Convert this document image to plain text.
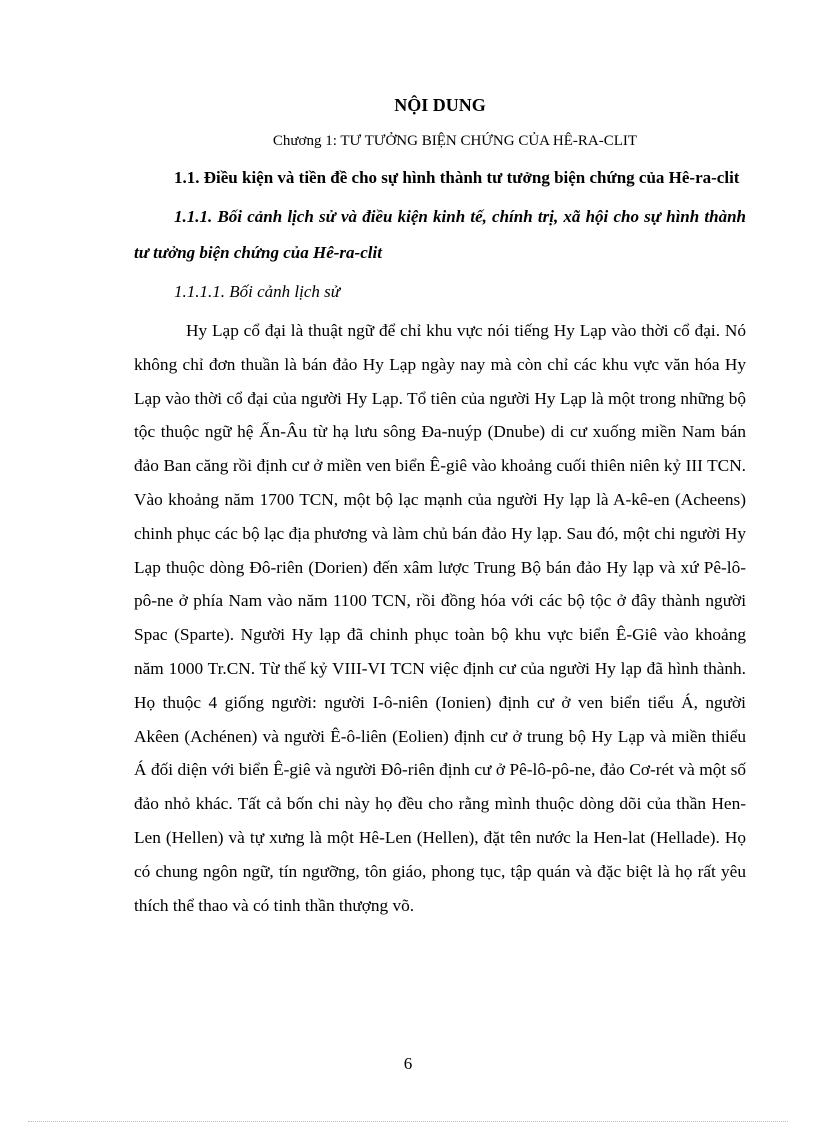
NỘI DUNG

Chương 1: TƯ TƯỞNG BIỆN CHỨNG CỦA HÊ-RA-CLIT

1.1. Điều kiện và tiền đề cho sự hình thành tư tưởng biện chứng của Hê-ra-clit

1.1.1. Bối cảnh lịch sử và điều kiện kinh tế, chính trị, xã hội cho sự hình thành tư tưởng biện chứng của Hê-ra-clit

1.1.1.1. Bối cảnh lịch sử

Hy Lạp cổ đại là thuật ngữ để chỉ khu vực nói tiếng Hy Lạp vào thời cổ đại. Nó không chỉ đơn thuần là bán đảo Hy Lạp ngày nay mà còn chỉ các khu vực văn hóa Hy Lạp vào thời cổ đại của người Hy Lạp. Tổ tiên của người Hy Lạp là một trong những bộ tộc thuộc ngữ hệ Ấn-Âu từ hạ lưu sông Đa-nuýp (Dnube) di cư xuống miền Nam bán đảo Ban căng rồi định cư ở miền ven biển Ê-giê vào khoảng cuối thiên niên kỷ III TCN. Vào khoảng năm 1700 TCN, một bộ lạc mạnh của người Hy lạp là A-kê-en (Acheens) chinh phục các bộ lạc địa phương và làm chủ bán đảo Hy lạp. Sau đó, một chi người Hy Lạp thuộc dòng Đô-riên (Dorien) đến xâm lược Trung Bộ bán đảo Hy lạp và xứ Pê-lô-pô-ne ở phía Nam vào năm 1100 TCN, rồi đồng hóa với các bộ tộc ở đây thành người Spac (Sparte). Người Hy lạp đã chinh phục toàn bộ khu vực biển Ê-Giê vào khoảng năm 1000 Tr.CN. Từ thế kỷ VIII-VI TCN việc định cư của người Hy lạp đã hình thành. Họ thuộc 4 giống người: người I-ô-niên (Ionien) định cư ở ven biển tiểu Á, người Akêen (Achénen) và người Ê-ô-liên (Eolien) định cư ở trung bộ Hy Lạp và miền thiểu Á đối diện với biển Ê-giê và người Đô-riên định cư ở Pê-lô-pô-ne, đảo Cơ-rét và một số đảo nhỏ khác. Tất cả bốn chi này họ đều cho rằng mình thuộc dòng dõi của thần Hen-Len (Hellen) và tự xưng là một Hê-Len (Hellen), đặt tên nước la Hen-lat (Hellade). Họ có chung ngôn ngữ, tín ngưỡng, tôn giáo, phong tục, tập quán và đặc biệt là họ rất yêu thích thể thao và có tinh thần thượng võ.

6
